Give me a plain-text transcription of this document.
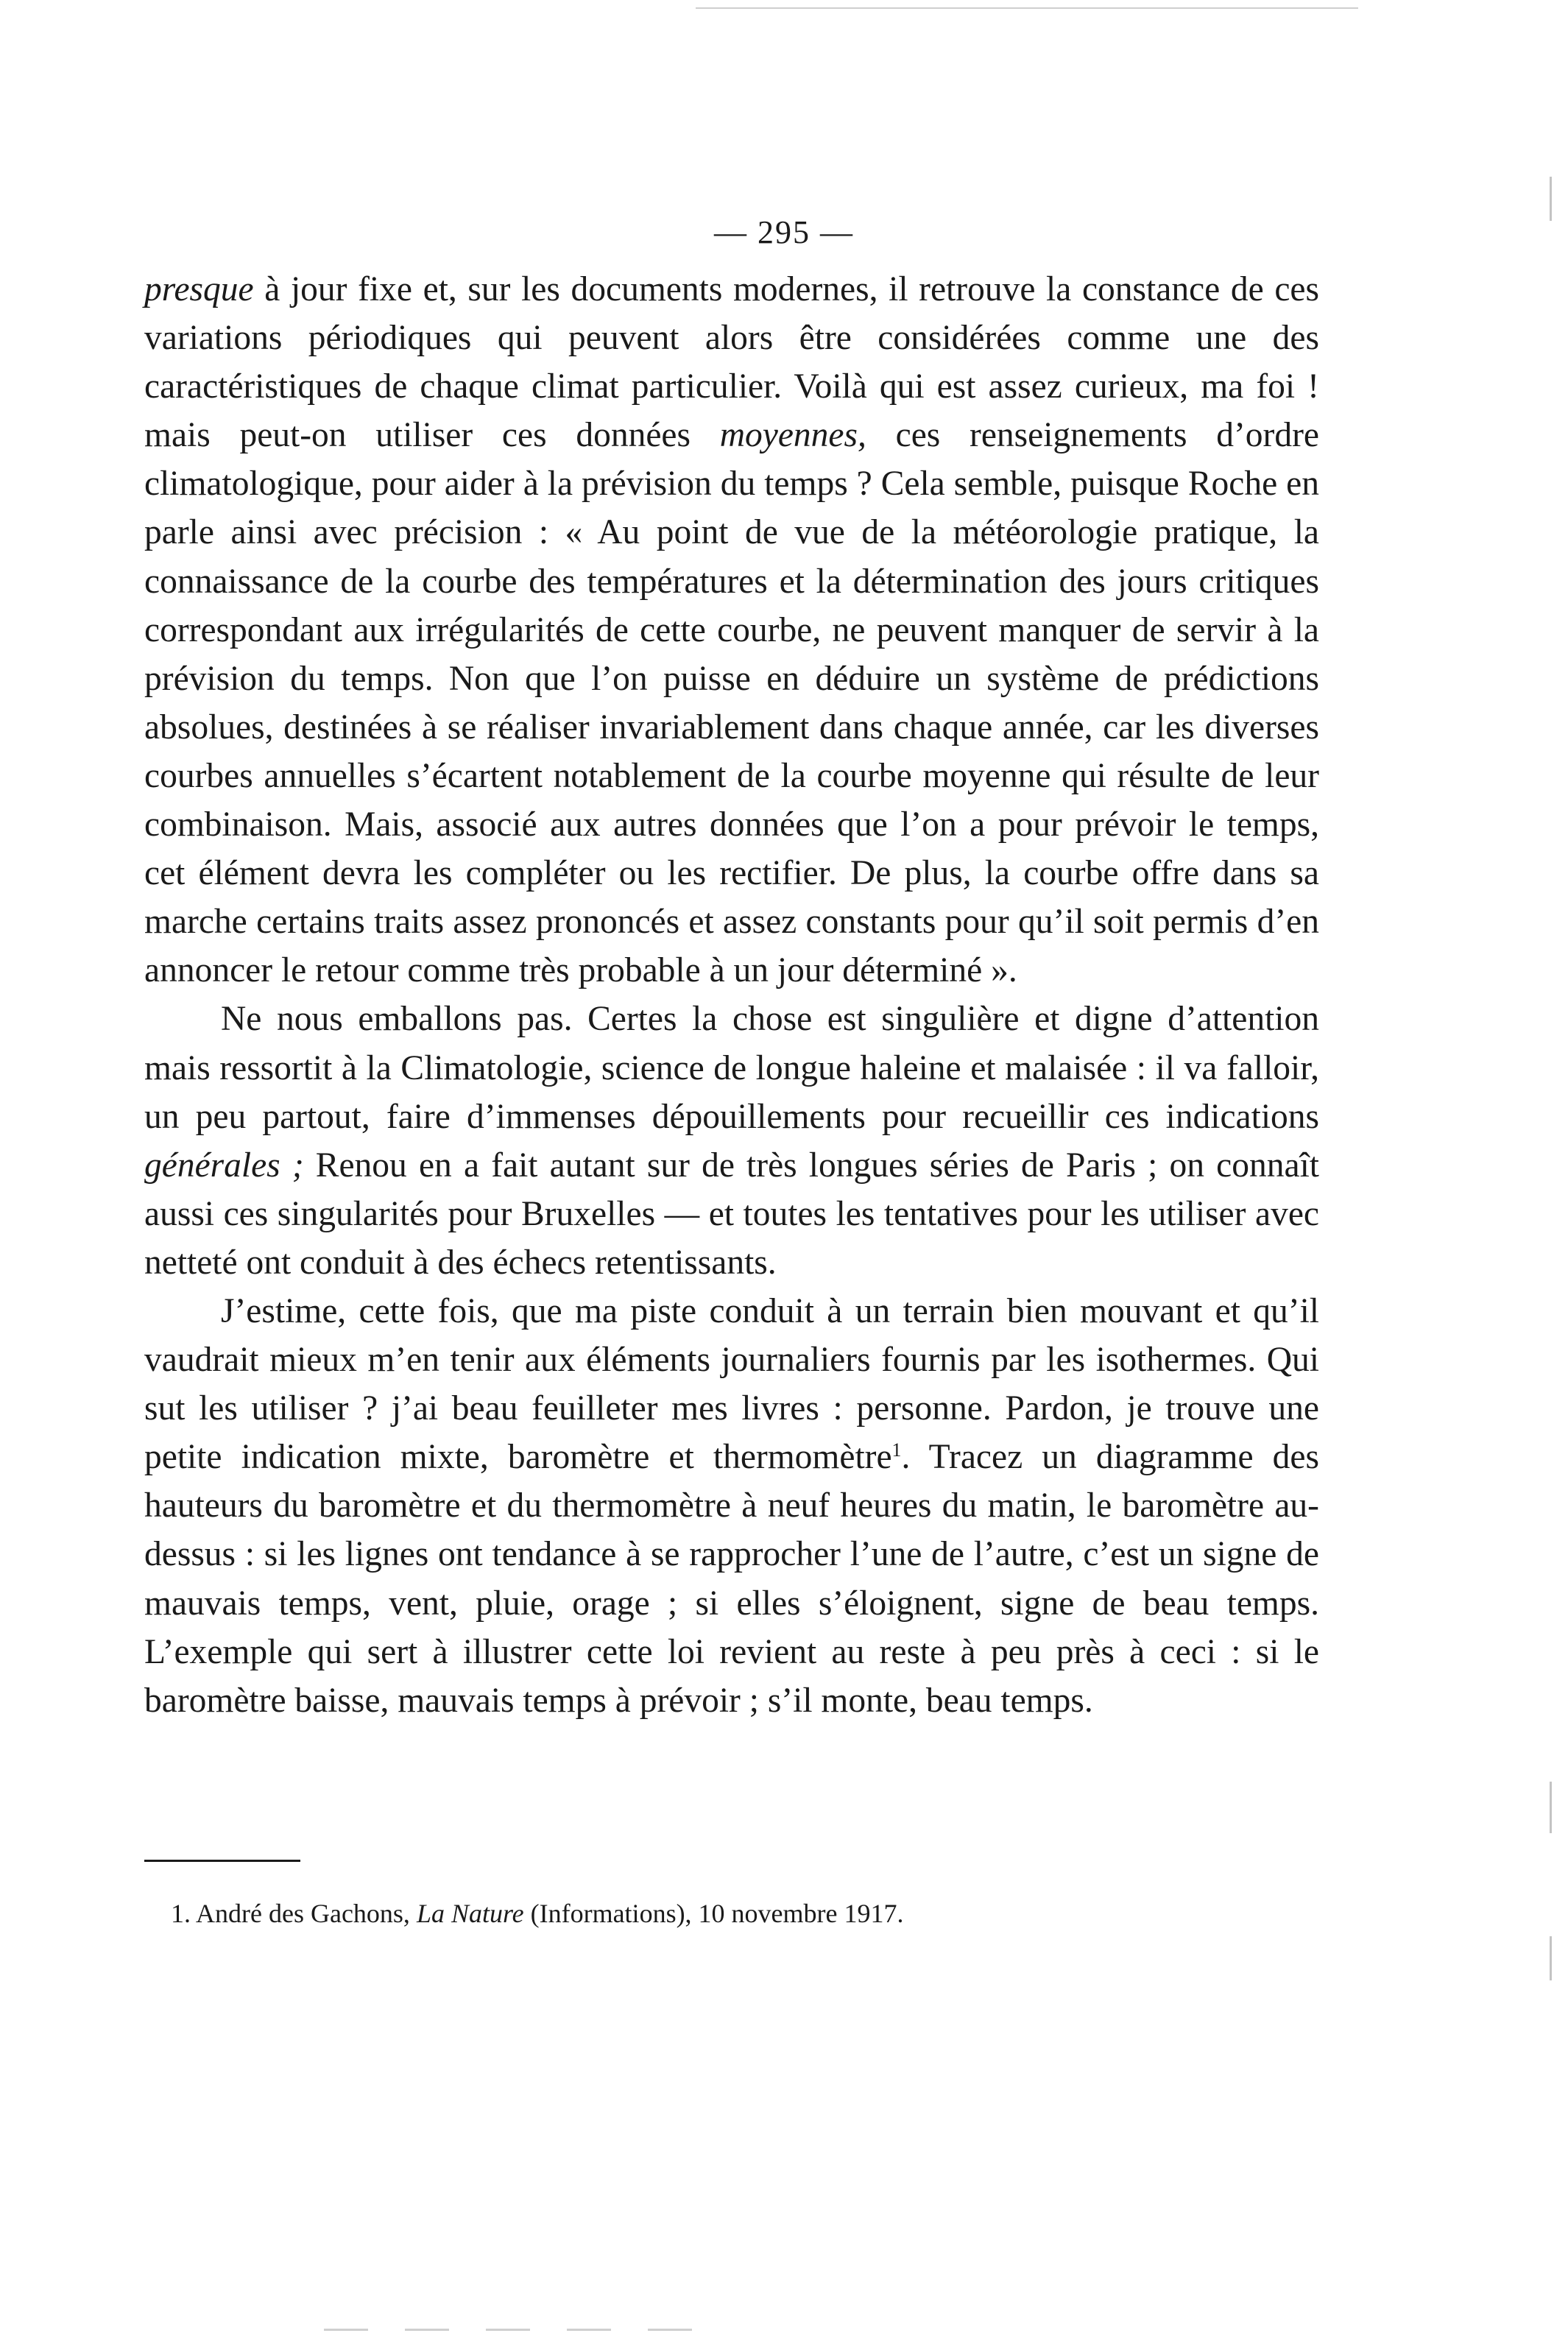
— 295 —

presque à jour fixe et, sur les documents modernes, il retrouve la constance de ces variations périodiques qui peuvent alors être considérées comme une des caractéristiques de chaque climat particulier. Voilà qui est assez curieux, ma foi ! mais peut-on utiliser ces données moyennes, ces renseignements d’ordre climatologique, pour aider à la prévision du temps ? Cela semble, puisque Roche en parle ainsi avec précision : « Au point de vue de la météorologie pratique, la connaissance de la courbe des températures et la détermination des jours critiques correspondant aux irrégularités de cette courbe, ne peuvent manquer de servir à la prévision du temps. Non que l’on puisse en déduire un système de prédictions absolues, destinées à se réaliser invariablement dans chaque année, car les diverses courbes annuelles s’écartent notablement de la courbe moyenne qui résulte de leur combinaison. Mais, associé aux autres données que l’on a pour prévoir le temps, cet élément devra les compléter ou les rectifier. De plus, la courbe offre dans sa marche certains traits assez prononcés et assez constants pour qu’il soit permis d’en annoncer le retour comme très probable à un jour déterminé ».

Ne nous emballons pas. Certes la chose est singulière et digne d’attention mais ressortit à la Climatologie, science de longue haleine et malaisée : il va falloir, un peu partout, faire d’immenses dépouillements pour recueillir ces indications générales ; Renou en a fait autant sur de très longues séries de Paris ; on connaît aussi ces singularités pour Bruxelles — et toutes les tentatives pour les utiliser avec netteté ont conduit à des échecs retentissants.

J’estime, cette fois, que ma piste conduit à un terrain bien mouvant et qu’il vaudrait mieux m’en tenir aux éléments journaliers fournis par les isothermes. Qui sut les utiliser ? j’ai beau feuilleter mes livres : personne. Pardon, je trouve une petite indication mixte, baromètre et thermomètre$^1$. Tracez un diagramme des hauteurs du baromètre et du thermomètre à neuf heures du matin, le baromètre au-dessus : si les lignes ont tendance à se rapprocher l’une de l’autre, c’est un signe de mauvais temps, vent, pluie, orage ; si elles s’éloignent, signe de beau temps. L’exemple qui sert à illustrer cette loi revient au reste à peu près à ceci : si le baromètre baisse, mauvais temps à prévoir ; s’il monte, beau temps.

1. André des Gachons, La Nature (Informations), 10 novembre 1917.
